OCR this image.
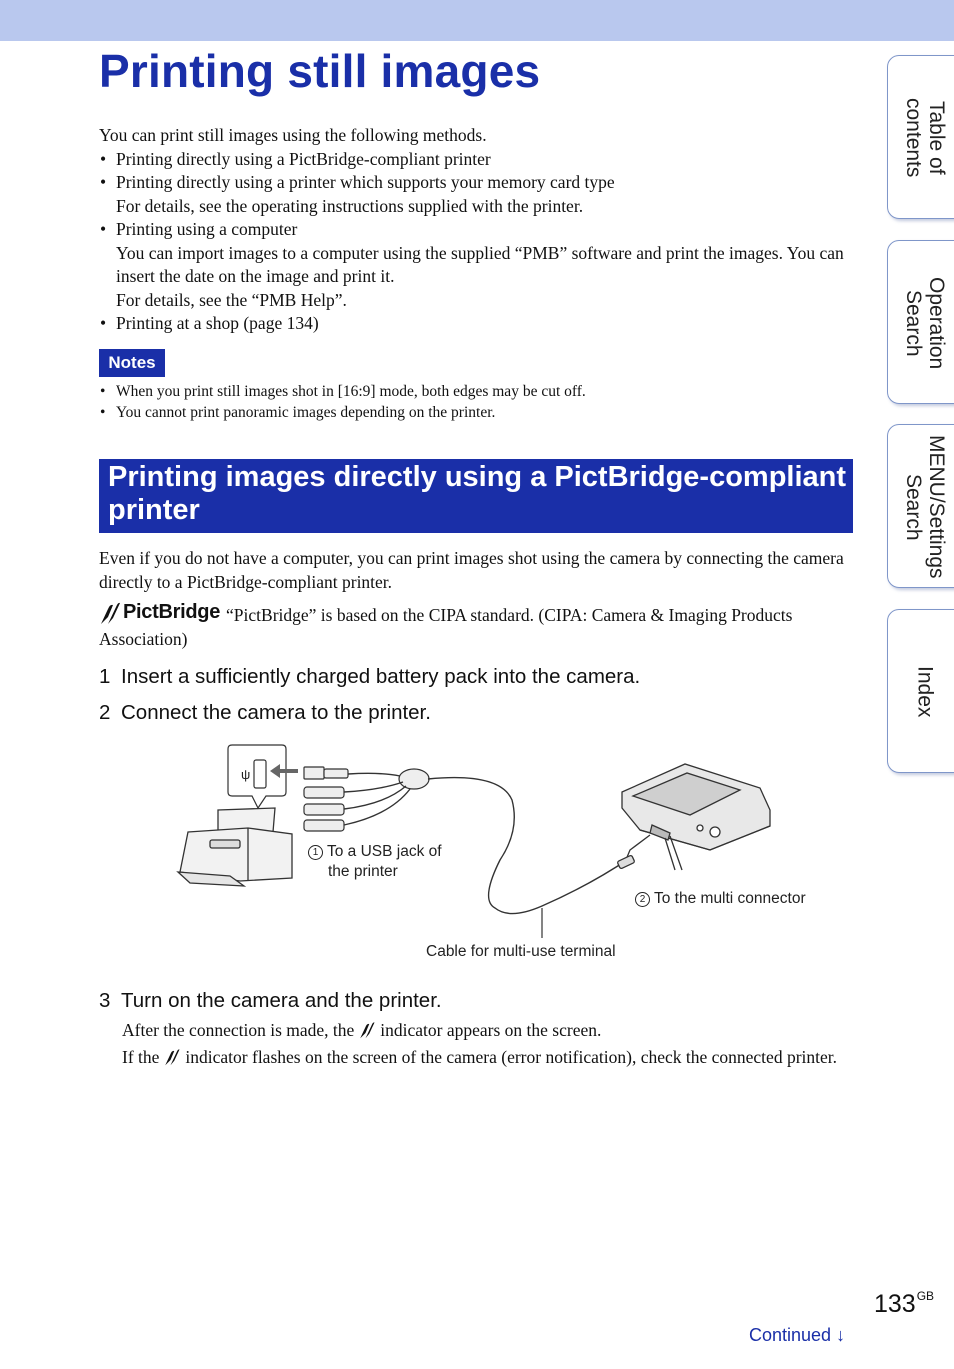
Printing still images

You can print still images using the following methods.

• Printing directly using a PictBridge-compliant printer
• Printing directly using a printer which supports your memory card type
For details, see the operating instructions supplied with the printer.
• Printing using a computer
You can import images to a computer using the supplied “PMB” software and print the images. You can insert the date on the image and print it.
For details, see the “PMB Help”.
• Printing at a shop (page 134)
Notes
• When you print still images shot in [16:9] mode, both edges may be cut off.
• You cannot print panoramic images depending on the printer.
Printing images directly using a PictBridge-compliant printer

Even if you do not have a computer, you can print images shot using the camera by connecting the camera directly to a PictBridge-compliant printer.

PictBridge “PictBridge” is based on the CIPA standard. (CIPA: Camera & Imaging Products Association)

1 Insert a sufficiently charged battery pack into the camera.
2 Connect the camera to the printer.
ψ
1 To a USB jack of
the printer
2 To the multi connector
Cable for multi-use terminal
3 Turn on the camera and the printer.

After the connection is made, the indicator appears on the screen.

If the indicator flashes on the screen of the camera (error notification), check the connected printer.

Table of
contents
Operation
Search
MENU/Settings
Search
Index
$133^{GB}$
Continued ↓
